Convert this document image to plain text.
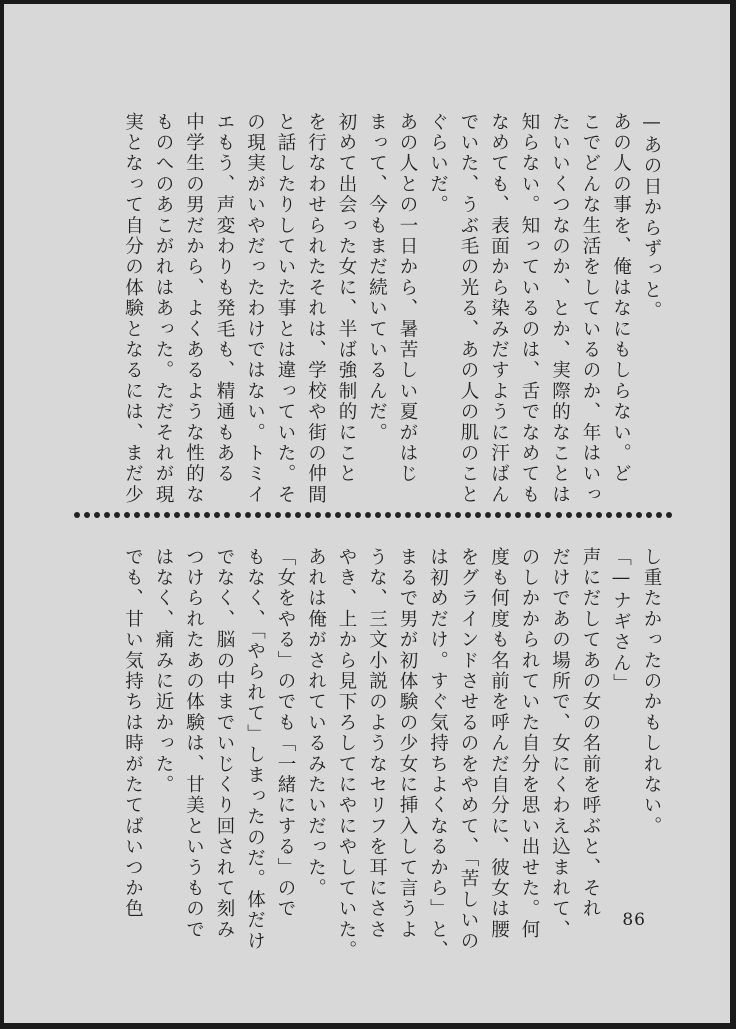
—あの日からずっと。
あの人の事を、俺はなにもしらない。ど
こでどんな生活をしているのか、年はいっ
たいいくつなのか、とか、実際的なことは
知らない。知っているのは、舌でなめても
なめても、表面から染みだすように汗ばん
でいた、うぶ毛の光る、あの人の肌のこと
ぐらいだ。
あの人との一日から、暑苦しい夏がはじ
まって、今もまだ続いているんだ。
初めて出会った女に、半ば強制的にこと
を行なわせられたそれは、学校や街の仲間
と話したりしていた事とは違っていた。そ
の現実がいやだったわけではない。トミイ
エもう、声変わりも発毛も、精通もある
中学生の男だから、よくあるような性的な
ものへのあこがれはあった。ただそれが現
実となって自分の体験となるには、まだ少
し重たかったのかもしれない。
「—ナギさん」
声にだしてあの女の名前を呼ぶと、それ
だけであの場所で、女にくわえ込まれて、
のしかかられていた自分を思い出せた。何
度も何度も名前を呼んだ自分に、彼女は腰
をグラインドさせるのをやめて、「苦しいの
は初めだけ。すぐ気持ちよくなるから」と、
まるで男が初体験の少女に挿入して言うよ
うな、三文小説のようなセリフを耳にささ
やき、上から見下ろしてにやにやしていた。
あれは俺がされているみたいだった。
「女をやる」のでも「一緒にする」ので
もなく、「やられて」しまったのだ。体だけ
でなく、脳の中までいじくり回されて刻み
つけられたあの体験は、甘美というもので
はなく、痛みに近かった。
でも、甘い気持ちは時がたてばいつか色
86
